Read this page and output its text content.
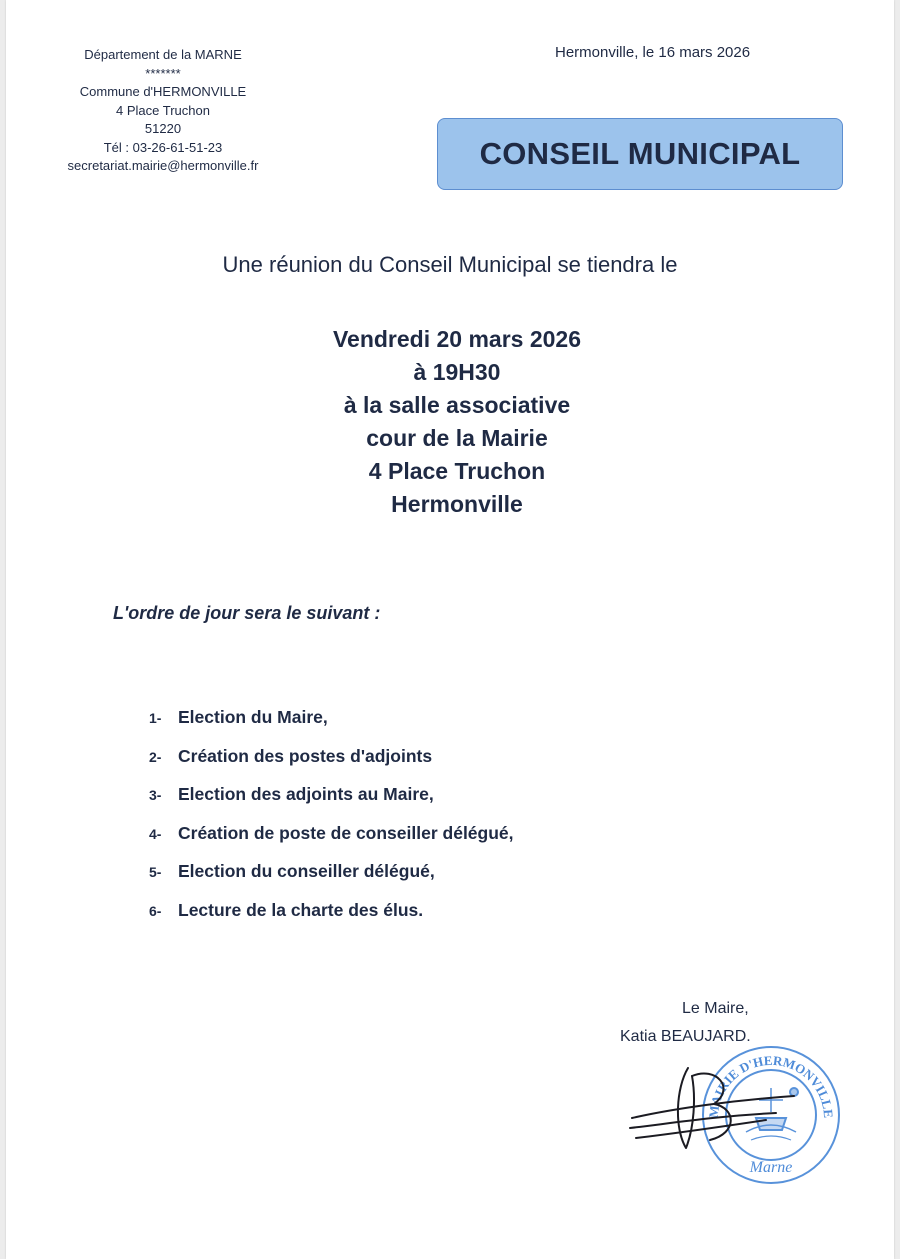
Département de la MARNE
*******
Commune d'HERMONVILLE
4 Place Truchon
51220
Tél : 03-26-61-51-23
secretariat.mairie@hermonville.fr
Hermonville, le 16 mars 2026
CONSEIL MUNICIPAL
Une réunion du Conseil Municipal se tiendra le
Vendredi 20 mars 2026
à 19H30
à la salle associative
cour de la Mairie
4 Place Truchon
Hermonville
L'ordre de jour sera le suivant :
1- Election du Maire,
2- Création des postes d'adjoints
3- Election des adjoints au Maire,
4- Création de poste de conseiller délégué,
5- Election du conseiller délégué,
6- Lecture de la charte des élus.
Le Maire,
Katia BEAUJARD.
MAIRIE D'HERMONVILLE
Marne
